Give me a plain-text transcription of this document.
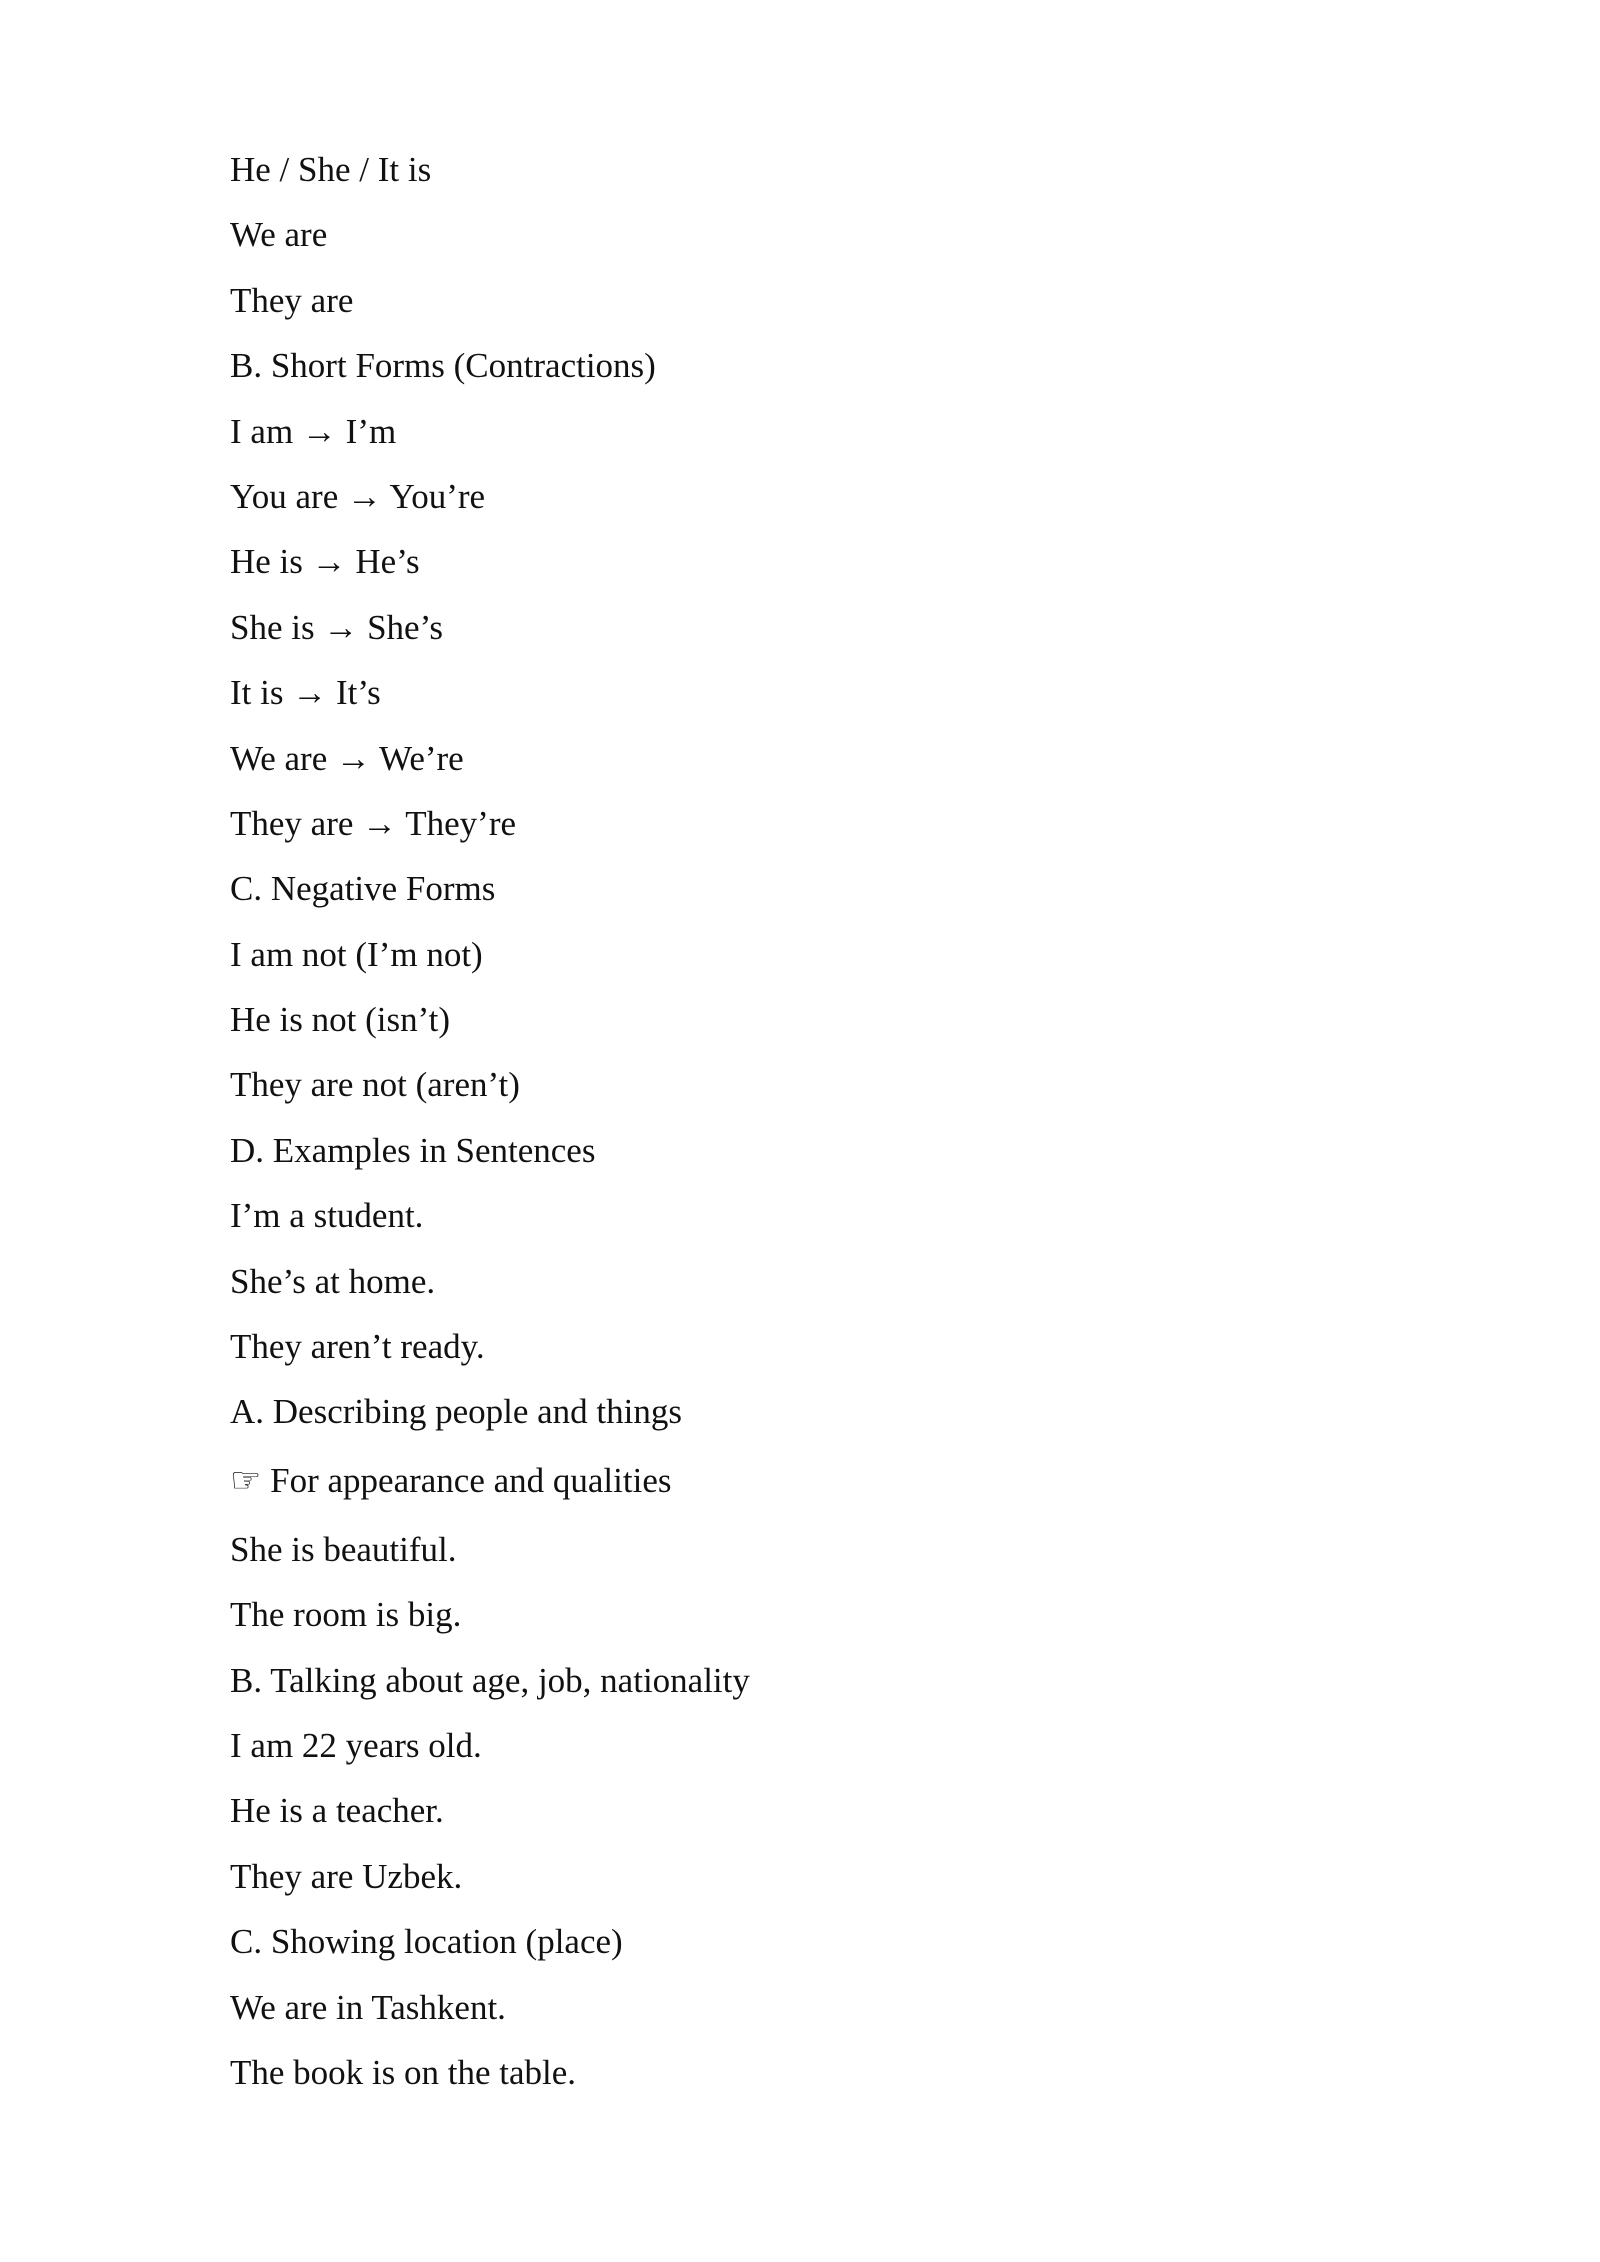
He / She / It is
We are
They are
B. Short Forms (Contractions)
I am → I’m
You are → You’re
He is → He’s
She is → She’s
It is → It’s
We are → We’re
They are → They’re
C. Negative Forms
I am not (I’m not)
He is not (isn’t)
They are not (aren’t)
D. Examples in Sentences
I’m a student.
She’s at home.
They aren’t ready.
A. Describing people and things
☞ For appearance and qualities
She is beautiful.
The room is big.
B. Talking about age, job, nationality
I am 22 years old.
He is a teacher.
They are Uzbek.
C. Showing location (place)
We are in Tashkent.
The book is on the table.
